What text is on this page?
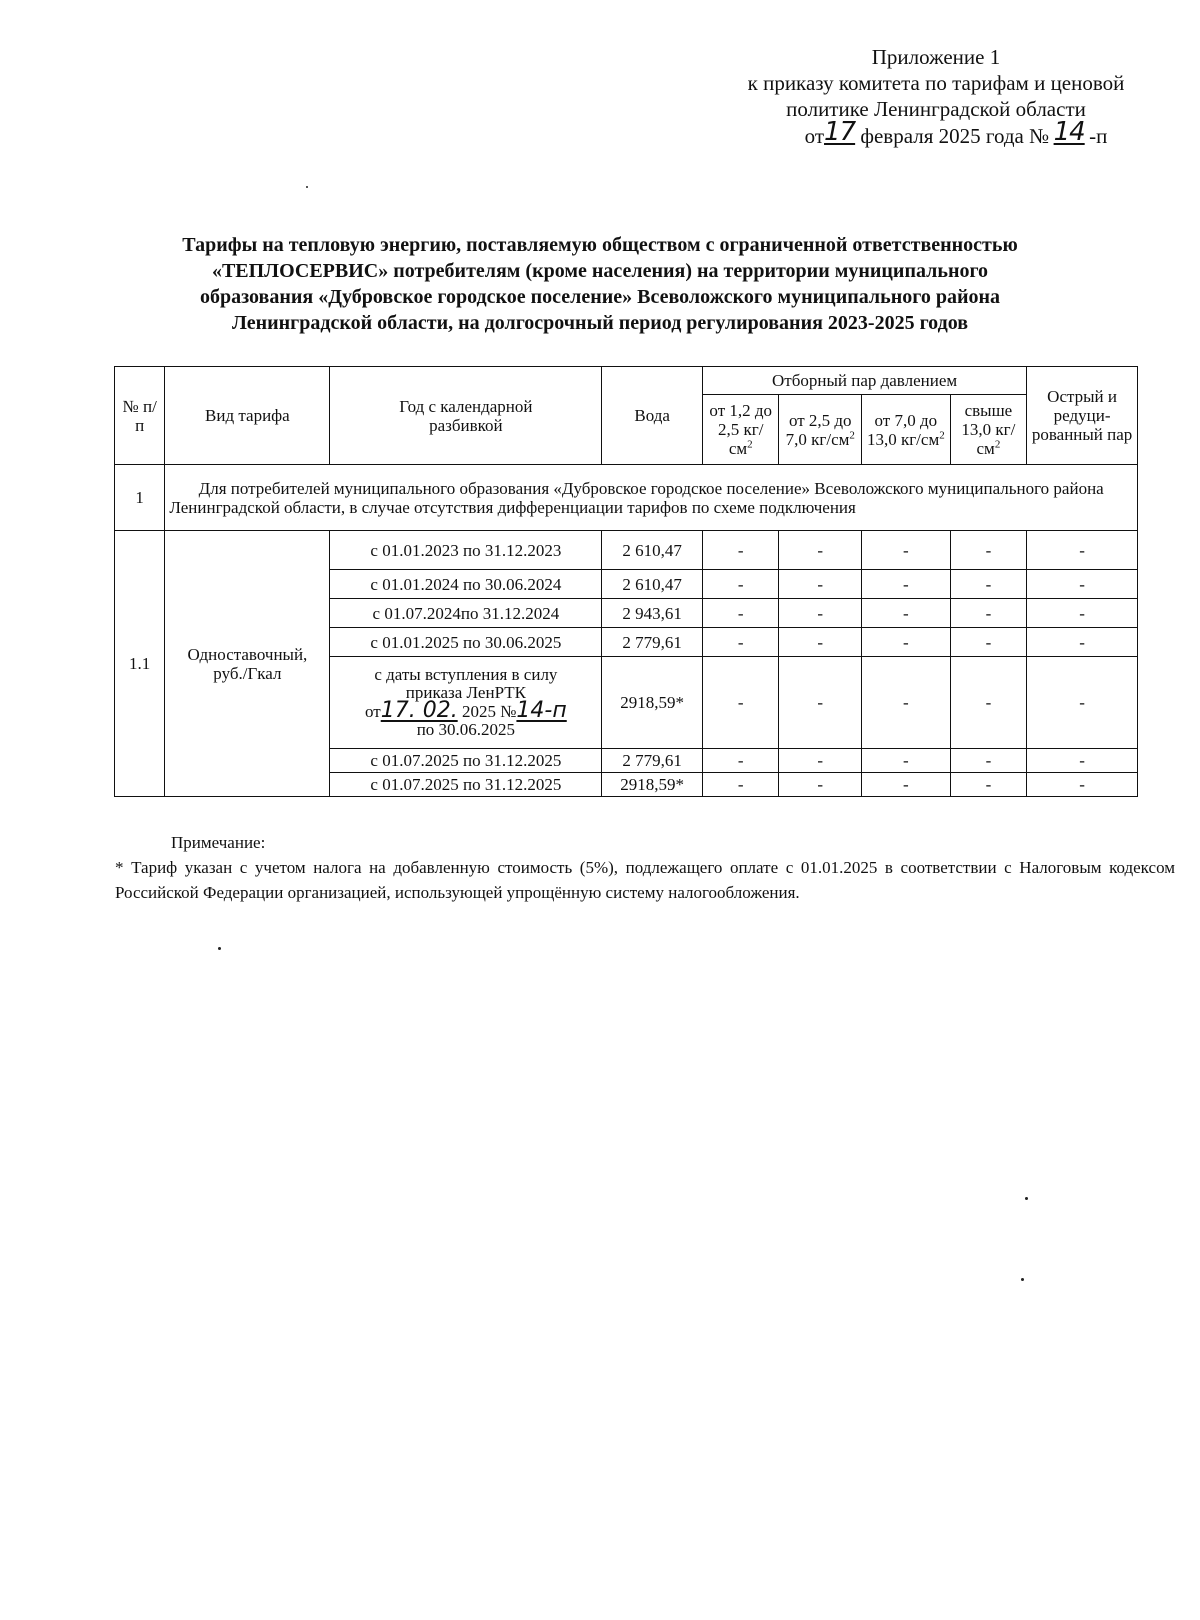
Приложение 1
к приказу комитета по тарифам и ценовой
политике Ленинградской области
от17 февраля 2025 года № 14 -п
Тарифы на тепловую энергию, поставляемую обществом с ограниченной ответственностью
«ТЕПЛОСЕРВИС» потребителям (кроме населения) на территории муниципального
образования «Дубровское городское поселение» Всеволожского муниципального района
Ленинградской области, на долгосрочный период регулирования 2023-2025 годов
№ п/п	Вид тарифа	Год с календарной разбивкой	Вода	Отборный пар давлением				Острый и редуци-рованный пар
				от 1,2 до 2,5 $кг/см^2$	от 2,5 до 7,0 $кг/см^2$	от 7,0 до 13,0 $кг/см^2$	свыше 13,0 $кг/см^2$
1	Для потребителей муниципального образования «Дубровское городское поселение» Всеволожского муниципального района Ленинградской области, в случае отсутствия дифференциации тарифов по схеме подключения							
1.1	Одноставочный, руб./Гкал	с 01.01.2023 по 31.12.2023	2 610,47	-	-	-	-	-
		с 01.01.2024 по 30.06.2024	2 610,47	-	-	-	-	-
		с 01.07.2024по 31.12.2024	2 943,61	-	-	-	-	-
		с 01.01.2025 по 30.06.2025	2 779,61	-	-	-	-	-

		с даты вступления в силу
приказа ЛенРТК
от17. 02. 2025 №14-п
по 30.06.2025	2918,59*	-	-	-	-	-
		с 01.07.2025 по 31.12.2025	2 779,61	-	-	-	-	-
		с 01.07.2025 по 31.12.2025	2918,59*	-	-	-	-	-
Примечание:
* Тариф указан с учетом налога на добавленную стоимость (5%), подлежащего оплате с 01.01.2025 в соответствии с Налоговым кодексом Российской Федерации организацией, использующей упрощённую систему налогообложения.
